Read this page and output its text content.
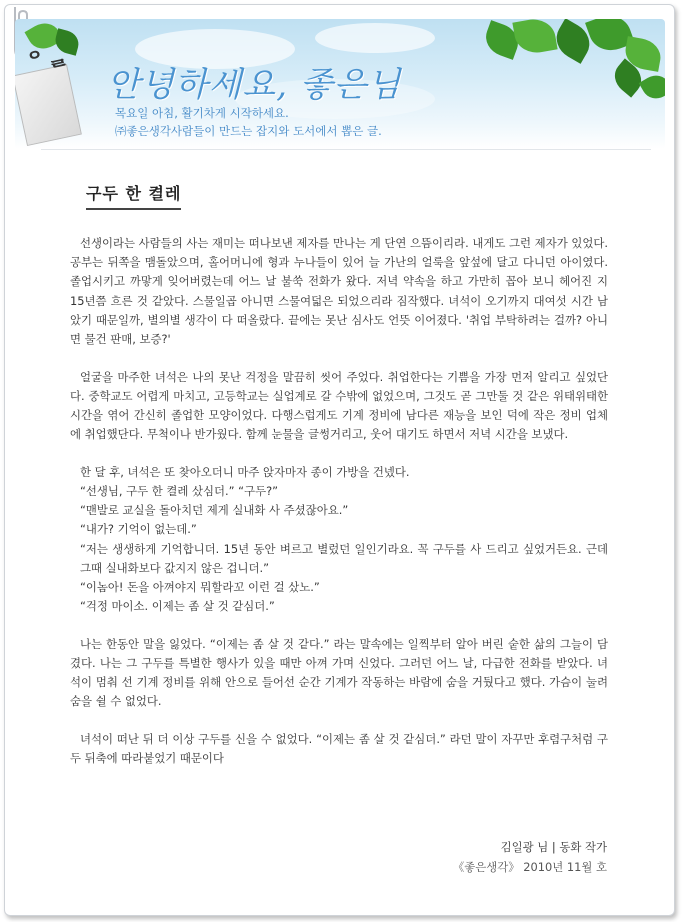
ᄋᆯ
안녕하세요, 좋은님
목요일 아침, 활기차게 시작하세요.
㈜좋은생각사람들이 만드는 잡지와 도서에서 뽑은 글.
구두 한 켤레

선생이라는 사람들의 사는 재미는 떠나보낸 제자를 만나는 게 단연 으뜸이리라. 내게도 그런 제자가 있었다. 공부는 뒤쪽을 맴돌았으며, 홀어머니에 형과 누나들이 있어 늘 가난의 얼룩을 앞섶에 달고 다니던 아이였다. 졸업시키고 까맣게 잊어버렸는데 어느 날 불쑥 전화가 왔다. 저녁 약속을 하고 가만히 꼽아 보니 헤어진 지 15년쯤 흐른 것 같았다. 스물일곱 아니면 스물여덟은 되었으리라 짐작했다. 녀석이 오기까지 대여섯 시간 남았기 때문일까, 별의별 생각이 다 떠올랐다. 끝에는 못난 심사도 언뜻 이어졌다. '취업 부탁하려는 걸까? 아니면 물건 판매, 보증?'

얼굴을 마주한 녀석은 나의 못난 걱정을 말끔히 씻어 주었다. 취업한다는 기쁨을 가장 먼저 알리고 싶었단다. 중학교도 어렵게 마치고, 고등학교는 실업계로 갈 수밖에 없었으며, 그것도 곧 그만둘 것 같은 위태위태한 시간을 엮어 간신히 졸업한 모양이었다. 다행스럽게도 기계 정비에 남다른 재능을 보인 덕에 작은 정비 업체에 취업했단다. 무척이나 반가웠다. 함께 눈물을 글썽거리고, 웃어 대기도 하면서 저녁 시간을 보냈다.

한 달 후, 녀석은 또 찾아오더니 마주 앉자마자 종이 가방을 건넸다.
“선생님, 구두 한 켤레 샀심더.” “구두?”
“맨발로 교실을 돌아치던 제게 실내화 사 주셨잖아요.”
“내가? 기억이 없는데.”
“저는 생생하게 기억합니더. 15년 동안 벼르고 별렀던 일인기라요. 꼭 구두를 사 드리고 싶었거든요. 근데 그때 실내화보다 값지지 않은 겁니더.”
“이놈아! 돈을 아껴야지 뭐할라꼬 이런 걸 샀노.”
“걱정 마이소. 이제는 좀 살 것 같심더.”

나는 한동안 말을 잃었다. “이제는 좀 살 것 같다.” 라는 말속에는 일찍부터 알아 버린 숱한 삶의 그늘이 담겼다. 나는 그 구두를 특별한 행사가 있을 때만 아껴 가며 신었다. 그러던 어느 날, 다급한 전화를 받았다. 녀석이 멈춰 선 기계 정비를 위해 안으로 들어선 순간 기계가 작동하는 바람에 숨을 거뒀다고 했다. 가슴이 눌려 숨을 쉴 수 없었다.

녀석이 떠난 뒤 더 이상 구두를 신을 수 없었다. “이제는 좀 살 것 같심더.” 라던 말이 자꾸만 후렴구처럼 구두 뒤축에 따라붙었기 때문이다

김일광 님 | 동화 작가
《좋은생각》 2010년 11월 호
